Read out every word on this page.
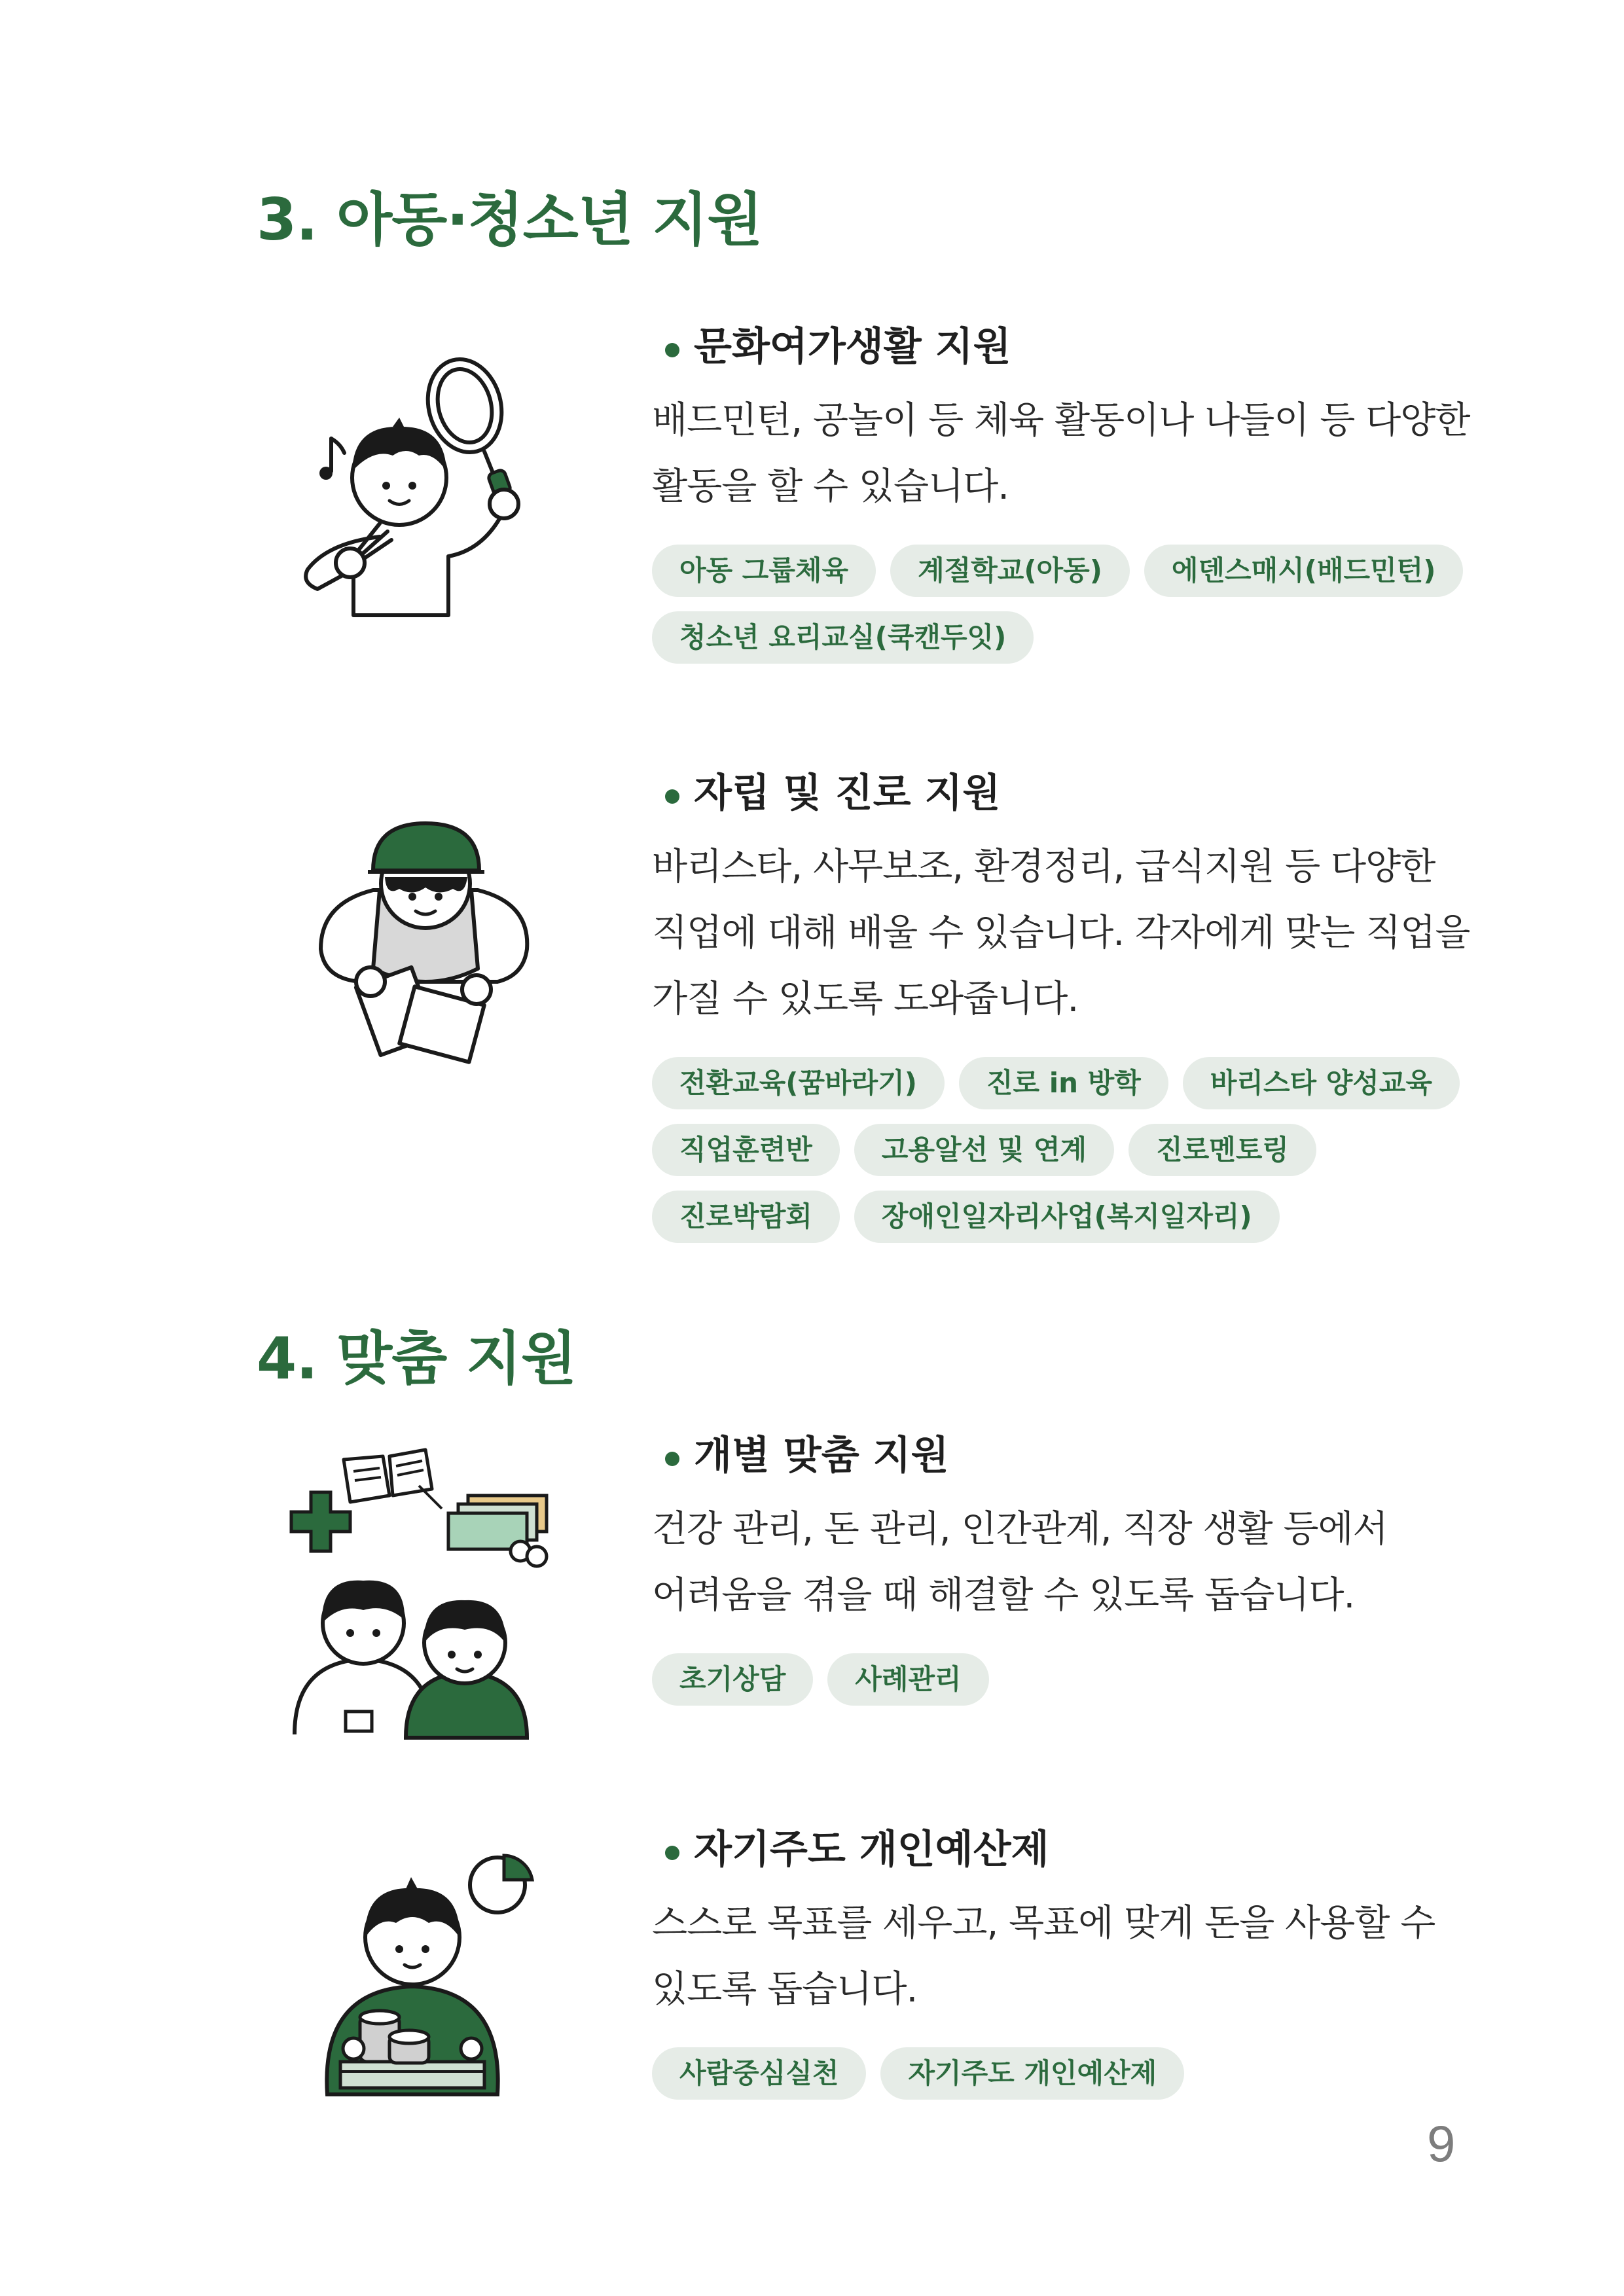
3. 아동·청소년 지원
문화여가생활 지원

배드민턴, 공놀이 등 체육 활동이나 나들이 등 다양한
활동을 할 수 있습니다.

아동 그룹체육	계절학교(아동)	에덴스매시(배드민턴)
청소년 요리교실(쿡캔두잇)
자립 및 진로 지원

바리스타, 사무보조, 환경정리, 급식지원 등 다양한
직업에 대해 배울 수 있습니다. 각자에게 맞는 직업을
가질 수 있도록 도와줍니다.

전환교육(꿈바라기)	진로 in 방학	바리스타 양성교육
직업훈련반	고용알선 및 연계	진로멘토링
진로박람회	장애인일자리사업(복지일자리)
4. 맞춤 지원
개별 맞춤 지원

건강 관리, 돈 관리, 인간관계, 직장 생활 등에서
어려움을 겪을 때 해결할 수 있도록 돕습니다.

초기상담	사례관리
자기주도 개인예산제

스스로 목표를 세우고, 목표에 맞게 돈을 사용할 수
있도록 돕습니다.

사람중심실천	자기주도 개인예산제
9
